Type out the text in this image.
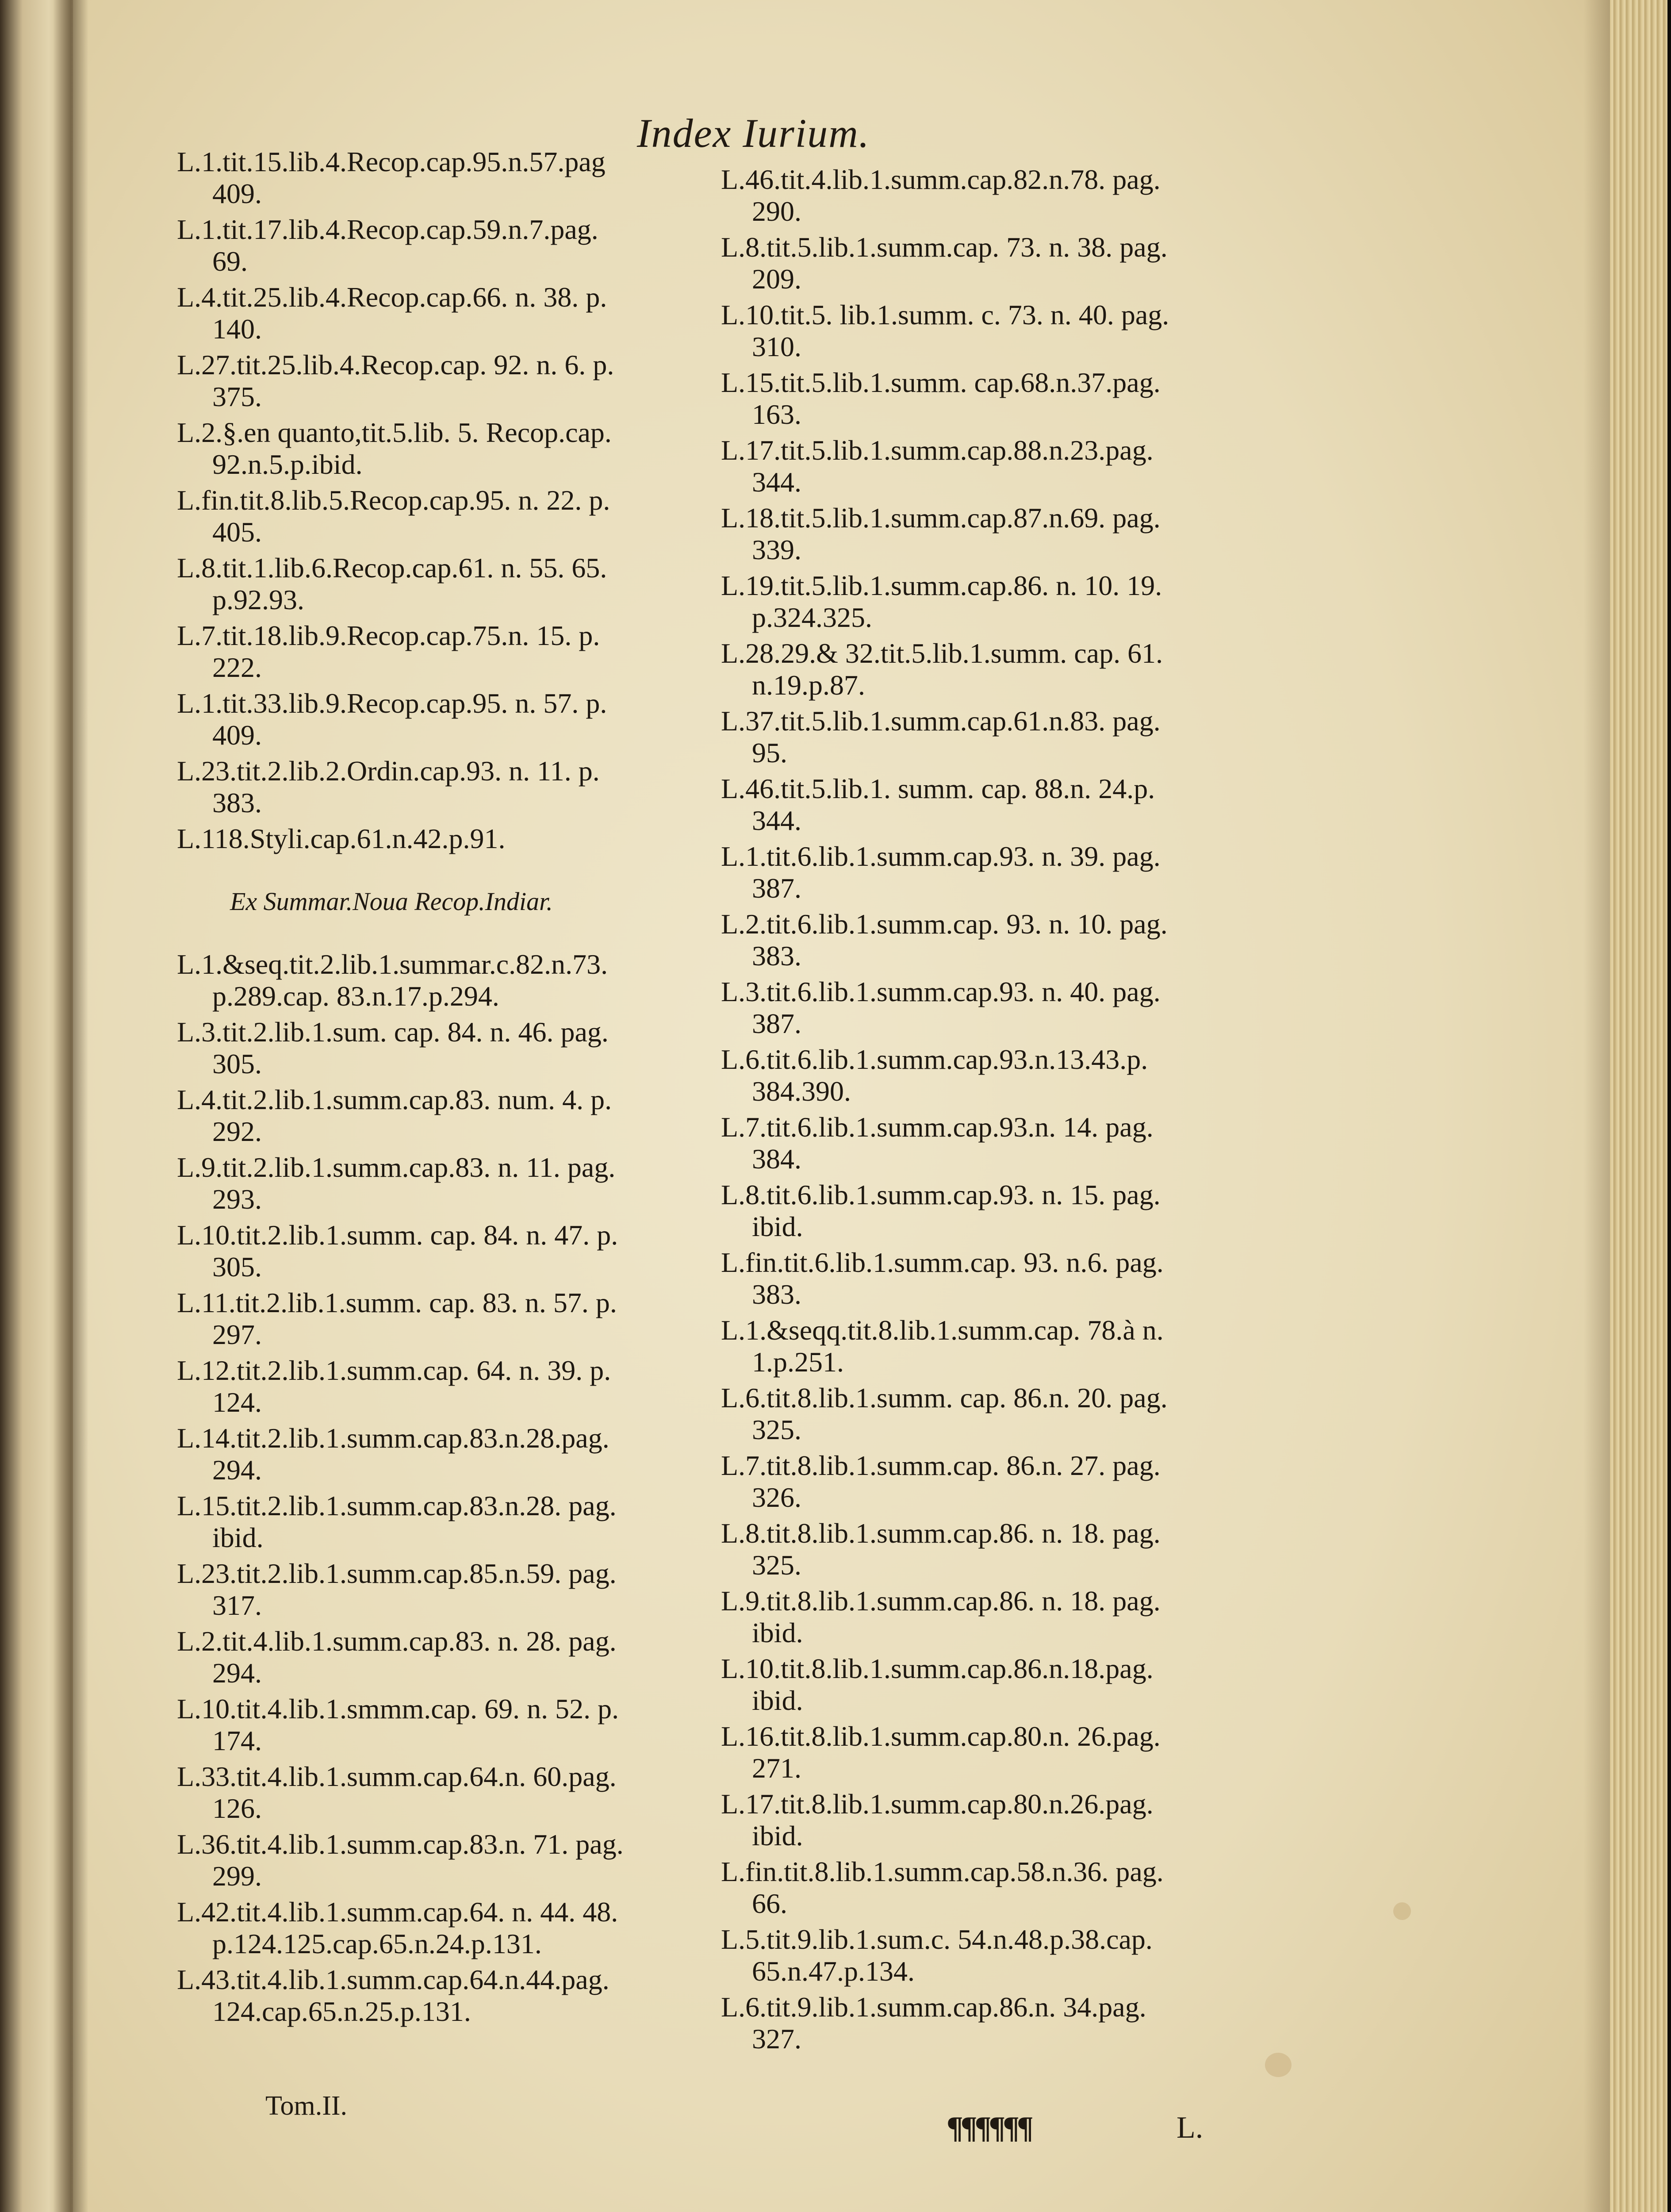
Index Iurium.
L.1.tit.15.lib.4.Recop.cap.95.n.57.pag
409.
L.1.tit.17.lib.4.Recop.cap.59.n.7.pag.
69.
L.4.tit.25.lib.4.Recop.cap.66. n. 38. p.
140.
L.27.tit.25.lib.4.Recop.cap. 92. n. 6. p.
375.
L.2.§.en quanto,tit.5.lib. 5. Recop.cap.
92.n.5.p.ibid.
L.fin.tit.8.lib.5.Recop.cap.95. n. 22. p.
405.
L.8.tit.1.lib.6.Recop.cap.61. n. 55. 65.
p.92.93.
L.7.tit.18.lib.9.Recop.cap.75.n. 15. p.
222.
L.1.tit.33.lib.9.Recop.cap.95. n. 57. p.
409.
L.23.tit.2.lib.2.Ordin.cap.93. n. 11. p.
383.
L.118.Styli.cap.61.n.42.p.91.
Ex Summar.Noua Recop.Indiar.
L.1.&seq.tit.2.lib.1.summar.c.82.n.73.
p.289.cap. 83.n.17.p.294.
L.3.tit.2.lib.1.sum. cap. 84. n. 46. pag.
305.
L.4.tit.2.lib.1.summ.cap.83. num. 4. p.
292.
L.9.tit.2.lib.1.summ.cap.83. n. 11. pag.
293.
L.10.tit.2.lib.1.summ. cap. 84. n. 47. p.
305.
L.11.tit.2.lib.1.summ. cap. 83. n. 57. p.
297.
L.12.tit.2.lib.1.summ.cap. 64. n. 39. p.
124.
L.14.tit.2.lib.1.summ.cap.83.n.28.pag.
294.
L.15.tit.2.lib.1.summ.cap.83.n.28. pag.
ibid.
L.23.tit.2.lib.1.summ.cap.85.n.59. pag.
317.
L.2.tit.4.lib.1.summ.cap.83. n. 28. pag.
294.
L.10.tit.4.lib.1.smmm.cap. 69. n. 52. p.
174.
L.33.tit.4.lib.1.summ.cap.64.n. 60.pag.
126.
L.36.tit.4.lib.1.summ.cap.83.n. 71. pag.
299.
L.42.tit.4.lib.1.summ.cap.64. n. 44. 48.
p.124.125.cap.65.n.24.p.131.
L.43.tit.4.lib.1.summ.cap.64.n.44.pag.
124.cap.65.n.25.p.131.
L.46.tit.4.lib.1.summ.cap.82.n.78. pag.
290.
L.8.tit.5.lib.1.summ.cap. 73. n. 38. pag.
209.
L.10.tit.5. lib.1.summ. c. 73. n. 40. pag.
310.
L.15.tit.5.lib.1.summ. cap.68.n.37.pag.
163.
L.17.tit.5.lib.1.summ.cap.88.n.23.pag.
344.
L.18.tit.5.lib.1.summ.cap.87.n.69. pag.
339.
L.19.tit.5.lib.1.summ.cap.86. n. 10. 19.
p.324.325.
L.28.29.& 32.tit.5.lib.1.summ. cap. 61.
n.19.p.87.
L.37.tit.5.lib.1.summ.cap.61.n.83. pag.
95.
L.46.tit.5.lib.1. summ. cap. 88.n. 24.p.
344.
L.1.tit.6.lib.1.summ.cap.93. n. 39. pag.
387.
L.2.tit.6.lib.1.summ.cap. 93. n. 10. pag.
383.
L.3.tit.6.lib.1.summ.cap.93. n. 40. pag.
387.
L.6.tit.6.lib.1.summ.cap.93.n.13.43.p.
384.390.
L.7.tit.6.lib.1.summ.cap.93.n. 14. pag.
384.
L.8.tit.6.lib.1.summ.cap.93. n. 15. pag.
ibid.
L.fin.tit.6.lib.1.summ.cap. 93. n.6. pag.
383.
L.1.&seqq.tit.8.lib.1.summ.cap. 78.à n.
1.p.251.
L.6.tit.8.lib.1.summ. cap. 86.n. 20. pag.
325.
L.7.tit.8.lib.1.summ.cap. 86.n. 27. pag.
326.
L.8.tit.8.lib.1.summ.cap.86. n. 18. pag.
325.
L.9.tit.8.lib.1.summ.cap.86. n. 18. pag.
ibid.
L.10.tit.8.lib.1.summ.cap.86.n.18.pag.
ibid.
L.16.tit.8.lib.1.summ.cap.80.n. 26.pag.
271.
L.17.tit.8.lib.1.summ.cap.80.n.26.pag.
ibid.
L.fin.tit.8.lib.1.summ.cap.58.n.36. pag.
66.
L.5.tit.9.lib.1.sum.c. 54.n.48.p.38.cap.
65.n.47.p.134.
L.6.tit.9.lib.1.summ.cap.86.n. 34.pag.
327.
Tom.II.
¶¶¶¶¶¶	L.
